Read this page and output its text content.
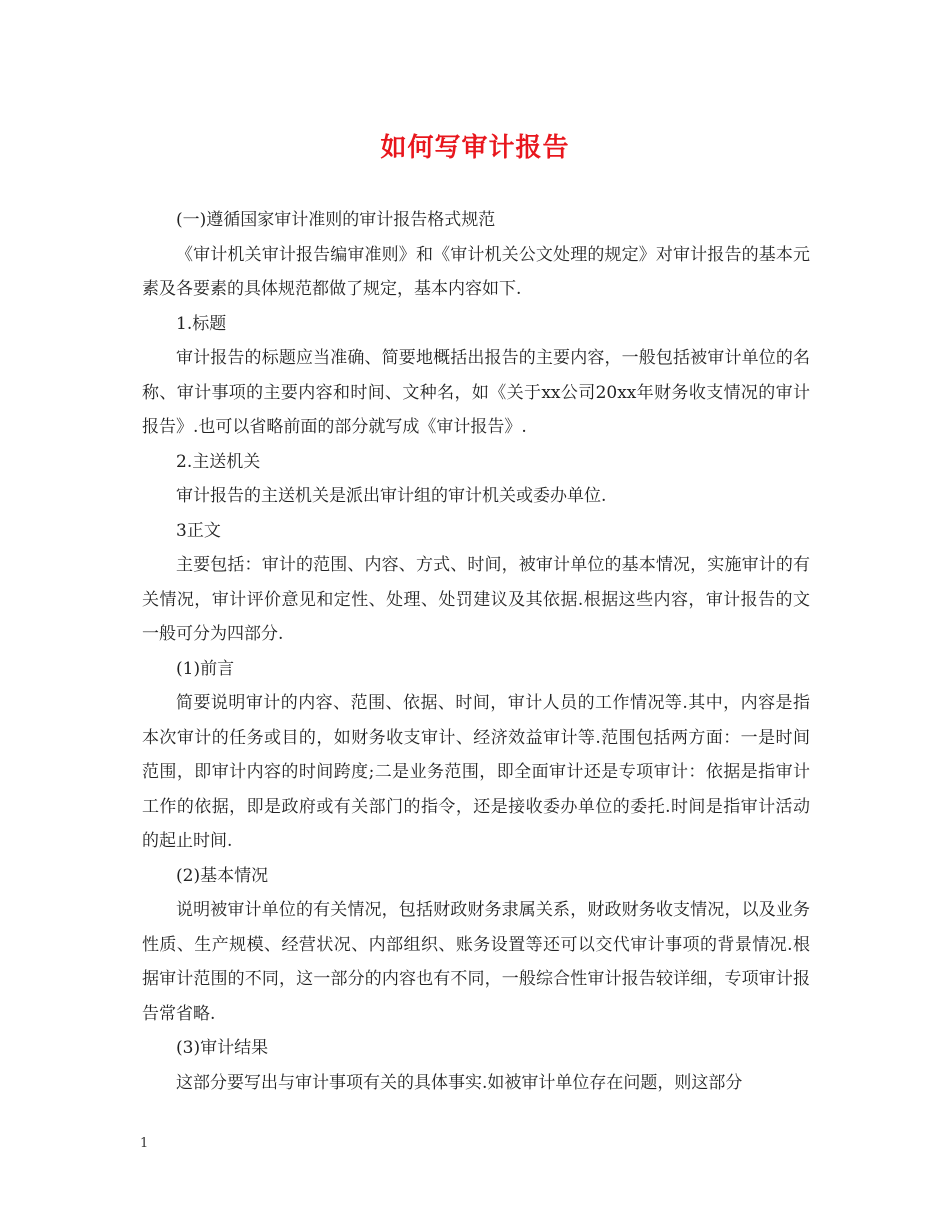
如何写审计报告

(一)遵循国家审计准则的审计报告格式规范

《审计机关审计报告编审准则》和《审计机关公文处理的规定》对审计报告的基本元素及各要素的具体规范都做了规定，基本内容如下.

1.标题

审计报告的标题应当准确、简要地概括出报告的主要内容，一般包括被审计单位的名称、审计事项的主要内容和时间、文种名，如《关于xx公司20xx年财务收支情况的审计报告》.也可以省略前面的部分就写成《审计报告》.

2.主送机关

审计报告的主送机关是派出审计组的审计机关或委办单位.

3正文

主要包括：审计的范围、内容、方式、时间，被审计单位的基本情况，实施审计的有关情况，审计评价意见和定性、处理、处罚建议及其依据.根据这些内容，审计报告的文一般可分为四部分.

(1)前言

简要说明审计的内容、范围、依据、时间，审计人员的工作情况等.其中，内容是指本次审计的任务或目的，如财务收支审计、经济效益审计等.范围包括两方面：一是时间范围，即审计内容的时间跨度;二是业务范围，即全面审计还是专项审计：依据是指审计工作的依据，即是政府或有关部门的指令，还是接收委办单位的委托.时间是指审计活动的起止时间.

(2)基本情况

说明被审计单位的有关情况，包括财政财务隶属关系，财政财务收支情况，以及业务性质、生产规模、经营状况、内部组织、账务设置等还可以交代审计事项的背景情况.根据审计范围的不同，这一部分的内容也有不同，一般综合性审计报告较详细，专项审计报告常省略.

(3)审计结果

这部分要写出与审计事项有关的具体事实.如被审计单位存在问题，则这部分

1
